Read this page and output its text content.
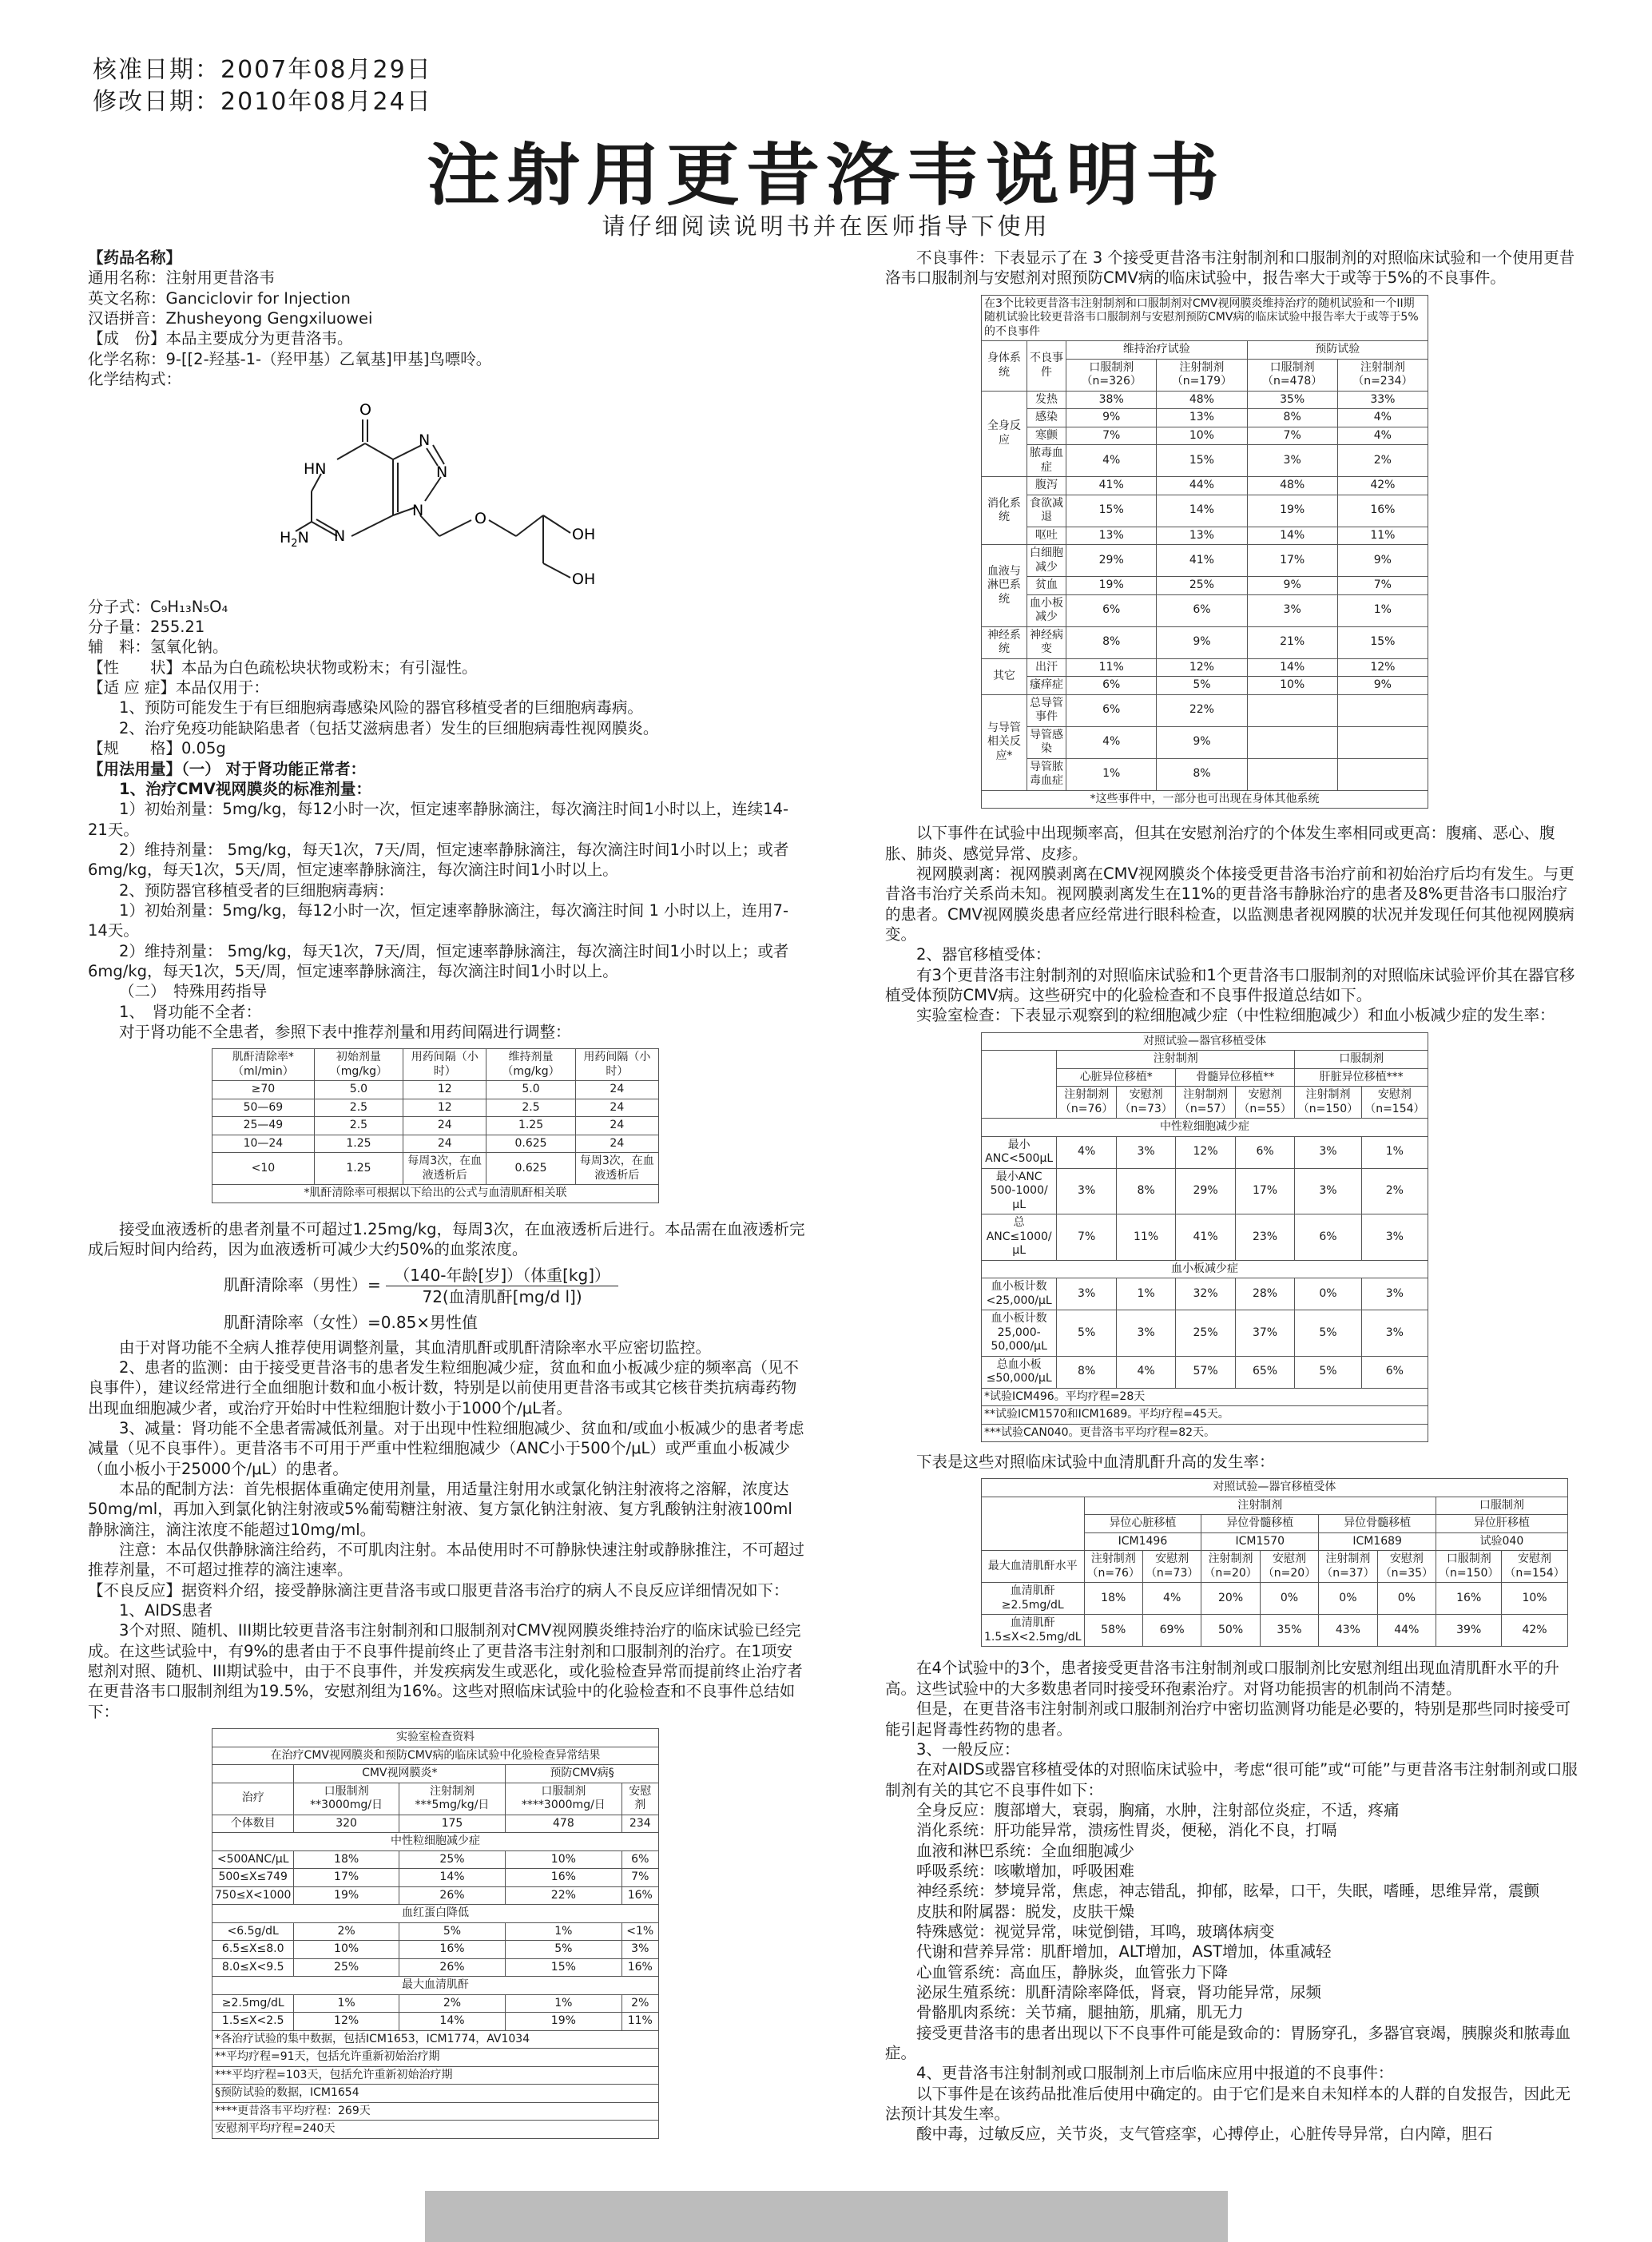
核准日期：2007年08月29日
修改日期：2010年08月24日
注射用更昔洛韦说明书
请仔细阅读说明书并在医师指导下使用
【药品名称】
通用名称：注射用更昔洛韦
英文名称：Ganciclovir for Injection
汉语拼音：Zhusheyong Gengxiluowei
【成　份】本品主要成分为更昔洛韦。
化学名称：9-[[2-羟基-1-（羟甲基）乙氧基]甲基]鸟嘌呤。
化学结构式：
O
HN
N
N
N
N
$H_2N$
O
OH
OH
分子式：C₉H₁₃N₅O₄
分子量：255.21
辅　料：氢氧化钠。
【性　　状】本品为白色疏松块状物或粉末；有引湿性。
【适 应 症】本品仅用于：
1、预防可能发生于有巨细胞病毒感染风险的器官移植受者的巨细胞病毒病。
2、治疗免疫功能缺陷患者（包括艾滋病患者）发生的巨细胞病毒性视网膜炎。
【规　　格】0.05g
【用法用量】（一） 对于肾功能正常者：
1、治疗CMV视网膜炎的标准剂量：
1）初始剂量：5mg/kg，每12小时一次，恒定速率静脉滴注，每次滴注时间1小时以上，连续14-21天。
2）维持剂量： 5mg/kg，每天1次，7天/周，恒定速率静脉滴注，每次滴注时间1小时以上；或者6mg/kg，每天1次，5天/周，恒定速率静脉滴注，每次滴注时间1小时以上。
2、预防器官移植受者的巨细胞病毒病：
1）初始剂量：5mg/kg，每12小时一次，恒定速率静脉滴注，每次滴注时间 1 小时以上，连用7-14天。
2）维持剂量： 5mg/kg，每天1次，7天/周，恒定速率静脉滴注，每次滴注时间1小时以上；或者6mg/kg，每天1次，5天/周，恒定速率静脉滴注，每次滴注时间1小时以上。
（二）　特殊用药指导
1、　肾功能不全者：
对于肾功能不全患者，参照下表中推荐剂量和用药间隔进行调整：
肌酐清除率*（ml/min）	初始剂量（mg/kg）	用药间隔（小时）	维持剂量（mg/kg）	用药间隔（小时）
≥70	5.0	12	5.0	24
50—69	2.5	12	2.5	24
25—49	2.5	24	1.25	24
10—24	1.25	24	0.625	24
<10	1.25	每周3次，在血液透析后	0.625	每周3次，在血液透析后
*肌酐清除率可根据以下给出的公式与血清肌酐相关联				
接受血液透析的患者剂量不可超过1.25mg/kg，每周3次，在血液透析后进行。本品需在血液透析完成后短时间内给药，因为血液透析可减少大约50%的血浆浓度。
肌酐清除率（男性）= $\frac{\text{（140-年龄[岁]）（体重[kg]）}}{\text{72(血清肌酐[mg/d l])}}$
肌酐清除率（女性）=0.85×男性值
由于对肾功能不全病人推荐使用调整剂量，其血清肌酐或肌酐清除率水平应密切监控。
2、患者的监测：由于接受更昔洛韦的患者发生粒细胞减少症，贫血和血小板减少症的频率高（见不良事件），建议经常进行全血细胞计数和血小板计数，特别是以前使用更昔洛韦或其它核苷类抗病毒药物出现血细胞减少者，或治疗开始时中性粒细胞计数小于1000个/μL者。
3、减量：肾功能不全患者需减低剂量。对于出现中性粒细胞减少、贫血和/或血小板减少的患者考虑减量（见不良事件）。更昔洛韦不可用于严重中性粒细胞减少（ANC小于500个/μL）或严重血小板减少（血小板小于25000个/μL）的患者。
本品的配制方法：首先根据体重确定使用剂量，用适量注射用水或氯化钠注射液将之溶解，浓度达50mg/ml，再加入到氯化钠注射液或5%葡萄糖注射液、复方氯化钠注射液、复方乳酸钠注射液100ml静脉滴注，滴注浓度不能超过10mg/ml。
注意：本品仅供静脉滴注给药，不可肌肉注射。本品使用时不可静脉快速注射或静脉推注，不可超过推荐剂量，不可超过推荐的滴注速率。
【不良反应】据资料介绍，接受静脉滴注更昔洛韦或口服更昔洛韦治疗的病人不良反应详细情况如下：
1、AIDS患者
3个对照、随机、III期比较更昔洛韦注射制剂和口服制剂对CMV视网膜炎维持治疗的临床试验已经完成。在这些试验中，有9%的患者由于不良事件提前终止了更昔洛韦注射剂和口服制剂的治疗。在1项安慰剂对照、随机、III期试验中，由于不良事件，并发疾病发生或恶化，或化验检查异常而提前终止治疗者在更昔洛韦口服制剂组为19.5%，安慰剂组为16%。这些对照临床试验中的化验检查和不良事件总结如下：
实验室检查资料				
在治疗CMV视网膜炎和预防CMV病的临床试验中化验检查异常结果				
	CMV视网膜炎*		预防CMV病§	
治疗	口服制剂**3000mg/日	注射制剂***5mg/kg/日	口服制剂****3000mg/日	安慰剂
个体数目	320	175	478	234
中性粒细胞减少症				
<500ANC/μL	18%	25%	10%	6%
500≤X≤749	17%	14%	16%	7%
750≤X<1000	19%	26%	22%	16%
血红蛋白降低				
<6.5g/dL	2%	5%	1%	<1%
6.5≤X≤8.0	10%	16%	5%	3%
8.0≤X<9.5	25%	26%	15%	16%
最大血清肌酐				
≥2.5mg/dL	1%	2%	1%	2%
1.5≤X<2.5	12%	14%	19%	11%
*各治疗试验的集中数据，包括ICM1653，ICM1774，AV1034				
**平均疗程=91天，包括允许重新初始治疗期				
***平均疗程=103天，包括允许重新初始治疗期				
§预防试验的数据，ICM1654				
****更昔洛韦平均疗程：269天				
安慰剂平均疗程=240天				
不良事件：下表显示了在 3 个接受更昔洛韦注射制剂和口服制剂的对照临床试验和一个使用更昔洛韦口服制剂与安慰剂对照预防CMV病的临床试验中，报告率大于或等于5%的不良事件。
在3个比较更昔洛韦注射制剂和口服制剂对CMV视网膜炎维持治疗的随机试验和一个II期随机试验比较更昔洛韦口服制剂与安慰剂预防CMV病的临床试验中报告率大于或等于5%的不良事件					
身体系统	不良事件	维持治疗试验		预防试验	
		口服制剂（n=326）	注射制剂（n=179）	口服制剂（n=478）	注射制剂（n=234）
全身反应	发热	38%	48%	35%	33%
	感染	9%	13%	8%	4%
	寒颤	7%	10%	7%	4%
	脓毒血症	4%	15%	3%	2%
消化系统	腹泻	41%	44%	48%	42%
	食欲减退	15%	14%	19%	16%
	呕吐	13%	13%	14%	11%
血液与淋巴系统	白细胞减少	29%	41%	17%	9%
	贫血	19%	25%	9%	7%
	血小板减少	6%	6%	3%	1%
神经系统	神经病变	8%	9%	21%	15%
其它	出汗	11%	12%	14%	12%
	瘙痒症	6%	5%	10%	9%
与导管相关反应*	总导管事件	6%	22%		
	导管感染	4%	9%		
	导管脓毒血症	1%	8%		
*这些事件中，一部分也可出现在身体其他系统					
以下事件在试验中出现频率高，但其在安慰剂治疗的个体发生率相同或更高：腹痛、恶心、腹胀、肺炎、感觉异常、皮疹。
视网膜剥离：视网膜剥离在CMV视网膜炎个体接受更昔洛韦治疗前和初始治疗后均有发生。与更昔洛韦治疗关系尚未知。视网膜剥离发生在11%的更昔洛韦静脉治疗的患者及8%更昔洛韦口服治疗的患者。CMV视网膜炎患者应经常进行眼科检查，以监测患者视网膜的状况并发现任何其他视网膜病变。
2、器官移植受体：
有3个更昔洛韦注射制剂的对照临床试验和1个更昔洛韦口服制剂的对照临床试验评价其在器官移植受体预防CMV病。这些研究中的化验检查和不良事件报道总结如下。
实验室检查：下表显示观察到的粒细胞减少症（中性粒细胞减少）和血小板减少症的发生率：
对照试验—器官移植受体						
	注射制剂				口服制剂	
	心脏异位移植*		骨髓异位移植**		肝脏异位移植***	
	注射制剂（n=76）	安慰剂（n=73）	注射制剂（n=57）	安慰剂（n=55）	注射制剂（n=150）	安慰剂（n=154）
中性粒细胞减少症						
最小ANC<500μL	4%	3%	12%	6%	3%	1%
最小ANC 500-1000/μL	3%	8%	29%	17%	3%	2%
总ANC≤1000/μL	7%	11%	41%	23%	6%	3%
血小板减少症						
血小板计数<25,000/μL	3%	1%	32%	28%	0%	3%
血小板计数25,000-50,000/μL	5%	3%	25%	37%	5%	3%
总血小板≤50,000/μL	8%	4%	57%	65%	5%	6%
*试验ICM496。平均疗程=28天						
**试验ICM1570和ICM1689。平均疗程=45天。						
***试验CAN040。更昔洛韦平均疗程=82天。						
下表是这些对照临床试验中血清肌酐升高的发生率：
对照试验—器官移植受体								
	注射制剂						口服制剂	
	异位心脏移植		异位骨髓移植		异位骨髓移植		异位肝移植	
	ICM1496		ICM1570		ICM1689		试验040	
最大血清肌酐水平	注射制剂（n=76）	安慰剂（n=73）	注射制剂（n=20）	安慰剂（n=20）	注射制剂（n=37）	安慰剂（n=35）	口服制剂（n=150）	安慰剂（n=154）
血清肌酐≥2.5mg/dL	18%	4%	20%	0%	0%	0%	16%	10%
血清肌酐1.5≤X<2.5mg/dL	58%	69%	50%	35%	43%	44%	39%	42%
在4个试验中的3个，患者接受更昔洛韦注射制剂或口服制剂比安慰剂组出现血清肌酐水平的升高。这些试验中的大多数患者同时接受环孢素治疗。对肾功能损害的机制尚不清楚。
但是，在更昔洛韦注射制剂或口服制剂治疗中密切监测肾功能是必要的，特别是那些同时接受可能引起肾毒性药物的患者。
3、一般反应：
在对AIDS或器官移植受体的对照临床试验中，考虑“很可能”或“可能”与更昔洛韦注射制剂或口服制剂有关的其它不良事件如下：
全身反应：腹部增大，衰弱，胸痛，水肿，注射部位炎症，不适，疼痛
消化系统：肝功能异常，溃疡性胃炎，便秘，消化不良，打嗝
血液和淋巴系统：全血细胞减少
呼吸系统：咳嗽增加，呼吸困难
神经系统：梦境异常，焦虑，神志错乱，抑郁，眩晕，口干，失眠，嗜睡，思维异常，震颤
皮肤和附属器：脱发，皮肤干燥
特殊感觉：视觉异常，味觉倒错，耳鸣，玻璃体病变
代谢和营养异常：肌酐增加，ALT增加，AST增加，体重减轻
心血管系统：高血压，静脉炎，血管张力下降
泌尿生殖系统：肌酐清除率降低，肾衰，肾功能异常，尿频
骨骼肌肉系统：关节痛，腿抽筋，肌痛，肌无力
接受更昔洛韦的患者出现以下不良事件可能是致命的：胃肠穿孔，多器官衰竭，胰腺炎和脓毒血症。
4、更昔洛韦注射制剂或口服制剂上市后临床应用中报道的不良事件：
以下事件是在该药品批准后使用中确定的。由于它们是来自未知样本的人群的自发报告，因此无法预计其发生率。
酸中毒，过敏反应，关节炎，支气管痉挛，心搏停止，心脏传导异常，白内障，胆石
